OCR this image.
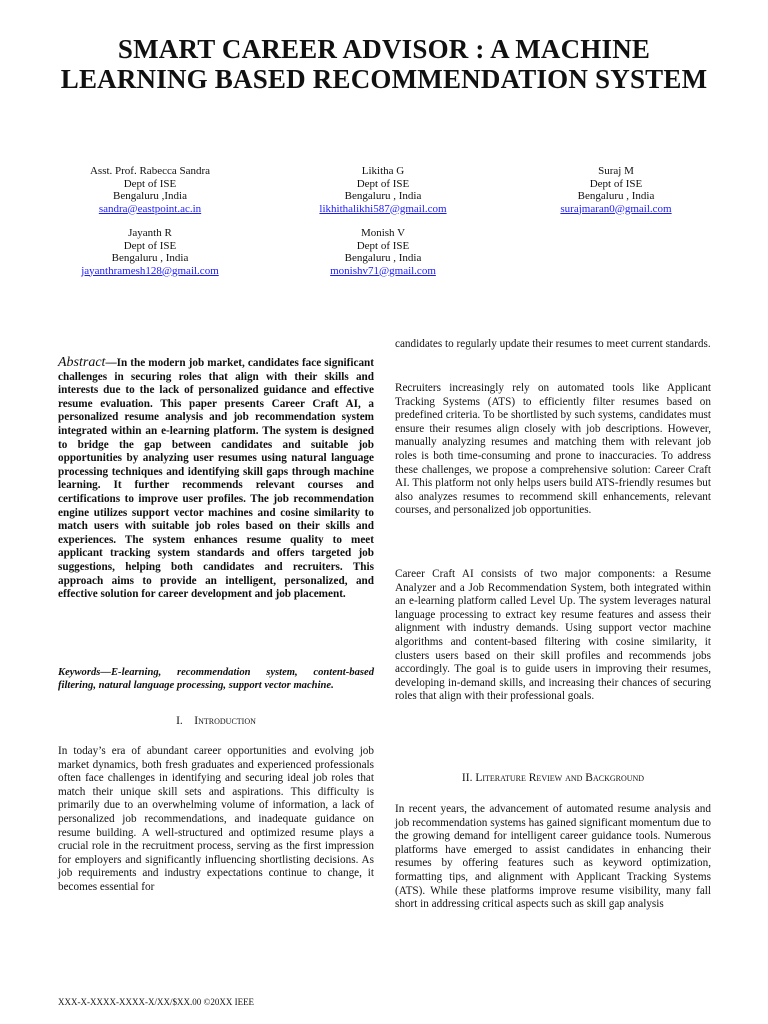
SMART CAREER ADVISOR : A MACHINE LEARNING BASED RECOMMENDATION SYSTEM
Asst. Prof. Rabecca Sandra
Dept of ISE
Bengaluru ,India
sandra@eastpoint.ac.in
Likitha G
Dept of ISE
Bengaluru , India
likhithalikhi587@gmail.com
Suraj M
Dept of ISE
Bengaluru , India
surajmaran0@gmail.com
Jayanth R
Dept of ISE
Bengaluru , India
jayanthramesh128@gmail.com
Monish V
Dept of ISE
Bengaluru , India
monishv71@gmail.com

Abstract—In the modern job market, candidates face significant challenges in securing roles that align with their skills and interests due to the lack of personalized guidance and effective resume evaluation. This paper presents Career Craft AI, a personalized resume analysis and job recommendation system integrated within an e-learning platform. The system is designed to bridge the gap between candidates and suitable job opportunities by analyzing user resumes using natural language processing techniques and identifying skill gaps through machine learning. It further recommends relevant courses and certifications to improve user profiles. The job recommendation engine utilizes support vector machines and cosine similarity to match users with suitable job roles based on their skills and experiences. The system enhances resume quality to meet applicant tracking system standards and offers targeted job suggestions, helping both candidates and recruiters. This approach aims to provide an intelligent, personalized, and effective solution for career development and job placement.

Keywords—E-learning, recommendation system, content-based filtering, natural language processing, support vector machine.
I.    Introduction
In today’s era of abundant career opportunities and evolving job market dynamics, both fresh graduates and experienced professionals often face challenges in identifying and securing ideal job roles that match their unique skill sets and aspirations. This difficulty is primarily due to an overwhelming volume of information, a lack of personalized job recommendations, and inadequate guidance on resume building. A well-structured and optimized resume plays a crucial role in the recruitment process, serving as the first impression for employers and significantly influencing shortlisting decisions. As job requirements and industry expectations continue to change, it becomes essential for
candidates to regularly update their resumes to meet current standards.
Recruiters increasingly rely on automated tools like Applicant Tracking Systems (ATS) to efficiently filter resumes based on predefined criteria. To be shortlisted by such systems, candidates must ensure their resumes align closely with job descriptions. However, manually analyzing resumes and matching them with relevant job roles is both time-consuming and prone to inaccuracies. To address these challenges, we propose a comprehensive solution: Career Craft AI. This platform not only helps users build ATS-friendly resumes but also analyzes resumes to recommend skill enhancements, relevant courses, and personalized job opportunities.
Career Craft AI consists of two major components: a Resume Analyzer and a Job Recommendation System, both integrated within an e-learning platform called Level Up. The system leverages natural language processing to extract key resume features and assess their alignment with industry demands. Using support vector machine algorithms and content-based filtering with cosine similarity, it clusters users based on their skill profiles and recommends jobs accordingly. The goal is to guide users in improving their resumes, developing in-demand skills, and increasing their chances of securing roles that align with their professional goals.
II. Literature Review and Background
In recent years, the advancement of automated resume analysis and job recommendation systems has gained significant momentum due to the growing demand for intelligent career guidance tools. Numerous platforms have emerged to assist candidates in enhancing their resumes by offering features such as keyword optimization, formatting tips, and alignment with Applicant Tracking Systems (ATS). While these platforms improve resume visibility, many fall short in addressing critical aspects such as skill gap analysis
XXX-X-XXXX-XXXX-X/XX/$XX.00 ©20XX IEEE
